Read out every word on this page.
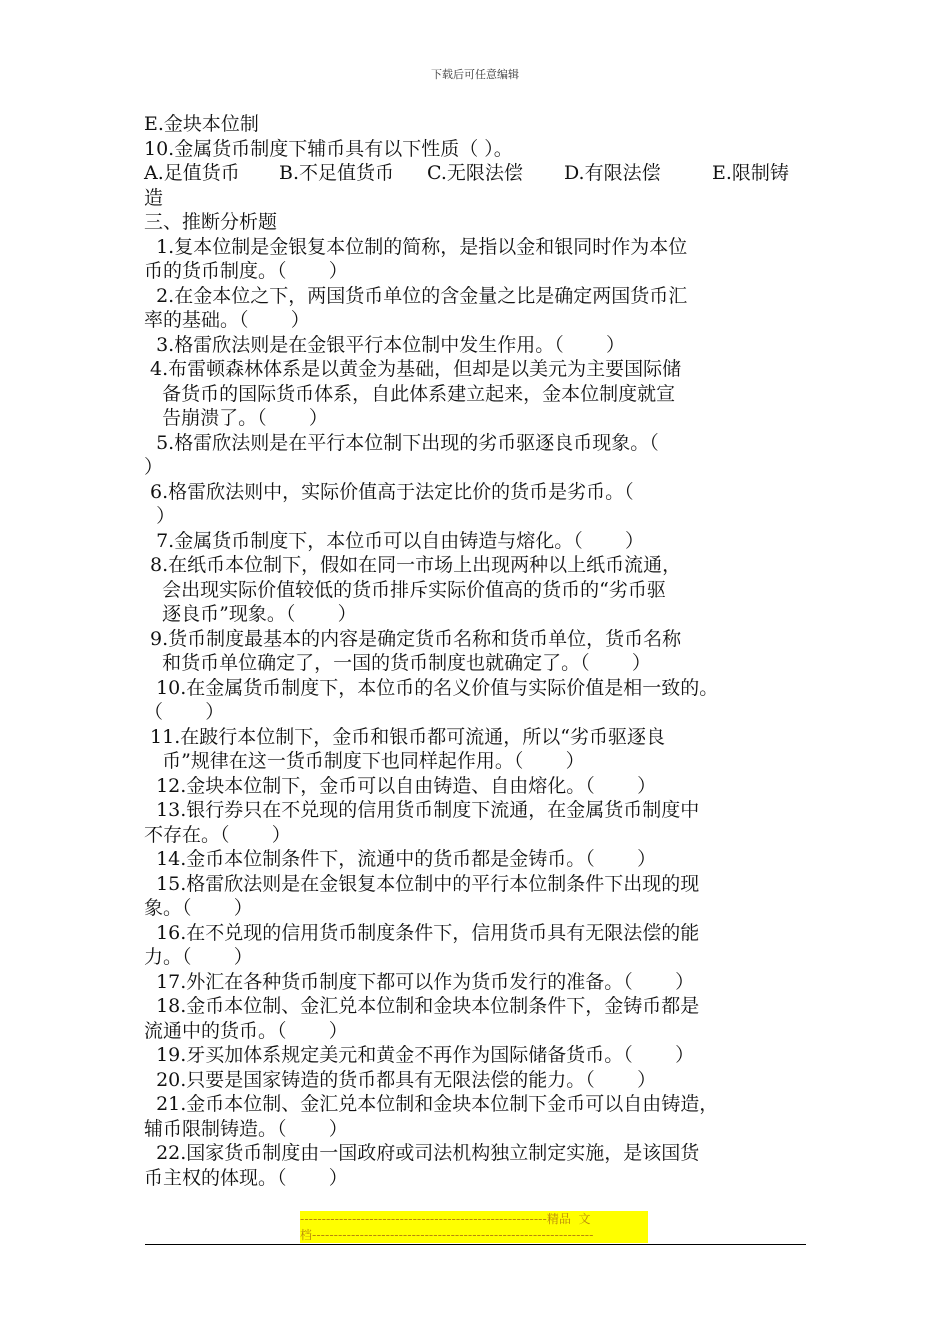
下载后可任意编辑
E.金块本位制
10.金属货币制度下辅币具有以下性质（ ）。
A.足值货币	B.不足值货币	C.无限法偿	D.有限法偿	E.限制铸
造
三、推断分析题
1.复本位制是金银复本位制的简称，是指以金和银同时作为本位
币的货币制度。（       ）
2.在金本位之下，两国货币单位的含金量之比是确定两国货币汇
率的基础。（       ）
3.格雷欣法则是在金银平行本位制中发生作用。（       ）
4.布雷顿森林体系是以黄金为基础，但却是以美元为主要国际储
备货币的国际货币体系，自此体系建立起来，金本位制度就宣
告崩溃了。（       ）
5.格雷欣法则是在平行本位制下出现的劣币驱逐良币现象。（
）
6.格雷欣法则中，实际价值高于法定比价的货币是劣币。（
）
7.金属货币制度下，本位币可以自由铸造与熔化。（       ）
8.在纸币本位制下，假如在同一市场上出现两种以上纸币流通，
会出现实际价值较低的货币排斥实际价值高的货币的“劣币驱
逐良币”现象。（       ）
9.货币制度最基本的内容是确定货币名称和货币单位，货币名称
和货币单位确定了，一国的货币制度也就确定了。（       ）
10.在金属货币制度下，本位币的名义价值与实际价值是相一致的。
（       ）
11.在跛行本位制下，金币和银币都可流通，所以“劣币驱逐良
币”规律在这一货币制度下也同样起作用。（       ）
12.金块本位制下，金币可以自由铸造、自由熔化。（       ）
13.银行券只在不兑现的信用货币制度下流通，在金属货币制度中
不存在。（       ）
14.金币本位制条件下，流通中的货币都是金铸币。（       ）
15.格雷欣法则是在金银复本位制中的平行本位制条件下出现的现
象。（       ）
16.在不兑现的信用货币制度条件下，信用货币具有无限法偿的能
力。（       ）
17.外汇在各种货币制度下都可以作为货币发行的准备。（       ）
18.金币本位制、金汇兑本位制和金块本位制条件下，金铸币都是
流通中的货币。（       ）
19.牙买加体系规定美元和黄金不再作为国际储备货币。（       ）
20.只要是国家铸造的货币都具有无限法偿的能力。（       ）
21.金币本位制、金汇兑本位制和金块本位制下金币可以自由铸造，
辅币限制铸造。（       ）
22.国家货币制度由一国政府或司法机构独立制定实施，是该国货
币主权的体现。（       ）
---------------------------------------------------------精品  文
档-----------------------------------------------------------------
